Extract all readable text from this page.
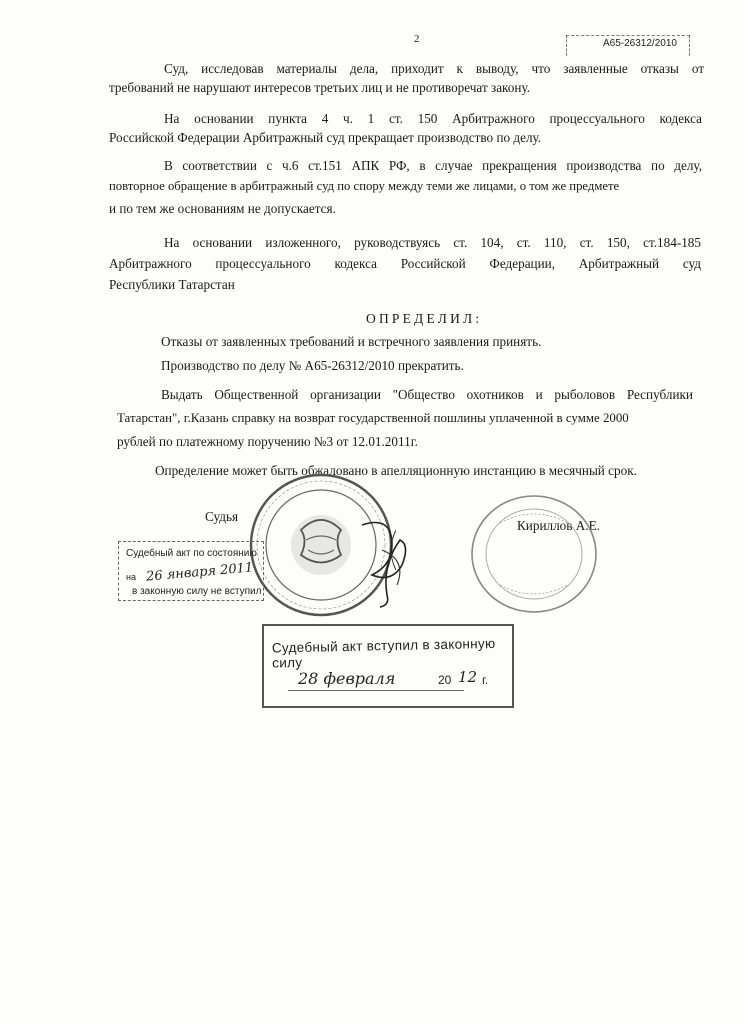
2	А65-26312/2010
Суд, исследовав материалы дела, приходит к выводу, что заявленные отказы от
требований не нарушают интересов третьих лиц и не противоречат закону.
На основании пункта 4 ч. 1 ст. 150 Арбитражного процессуального кодекса
Российской Федерации Арбитражный суд прекращает производство по делу.
В соответствии с ч.6 ст.151 АПК РФ, в случае прекращения производства по делу,
повторное обращение в арбитражный суд по спору между теми же лицами, о том же предмете
и по тем же основаниям не допускается.
На основании изложенного, руководствуясь ст. 104, ст. 110, ст. 150, ст.184-185
Арбитражного процессуального кодекса Российской Федерации, Арбитражный суд
Республики Татарстан
ОПРЕДЕЛИЛ:
Отказы от заявленных требований и встречного заявления принять.
Производство по делу № А65-26312/2010 прекратить.
Выдать Общественной организации "Общество охотников и рыболовов Республики
Татарстан", г.Казань справку на возврат государственной пошлины уплаченной в сумме 2000
рублей по платежному поручению №3 от 12.01.2011г.
Определение может быть обжаловано в апелляционную инстанцию в месячный срок.
Судья
Кириллов А.Е.
Судебный акт по состоянию
на 26 января 2011
в законную силу не вступил
Судебный акт вступил в законную силу
28 февраля	20 12 г.
